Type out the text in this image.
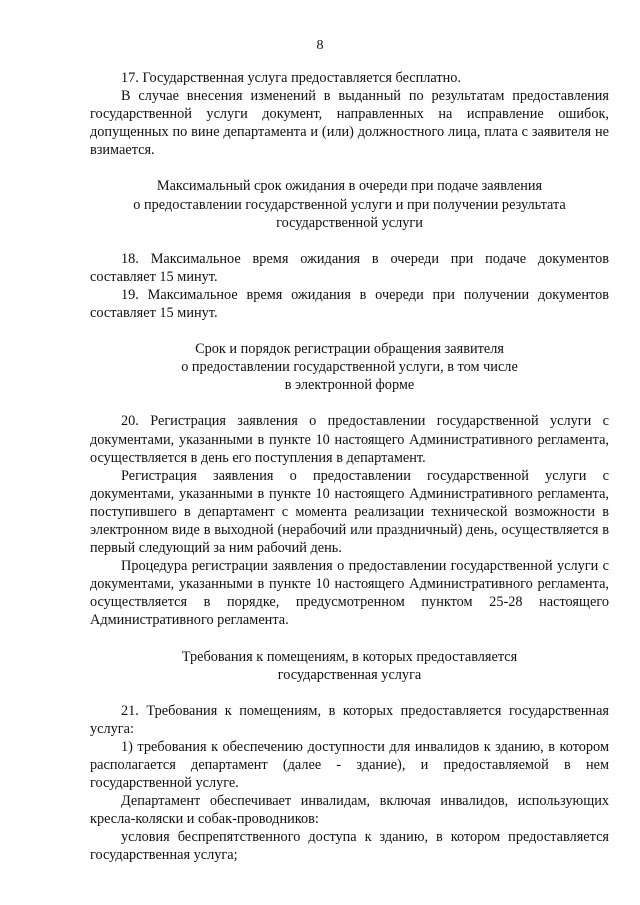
8

17. Государственная услуга предоставляется бесплатно.

В случае внесения изменений в выданный по результатам предоставления государственной услуги документ, направленных на исправление ошибок, допущенных по вине департамента и (или) должностного лица, плата с заявителя не взимается.

Максимальный срок ожидания в очереди при подаче заявления
о предоставлении государственной услуги и при получении результата
государственной услуги

18. Максимальное время ожидания в очереди при подаче документов составляет 15 минут.

19. Максимальное время ожидания в очереди при получении документов составляет 15 минут.

Срок и порядок регистрации обращения заявителя
о предоставлении государственной услуги, в том числе
в электронной форме

20. Регистрация заявления о предоставлении государственной услуги с документами, указанными в пункте 10 настоящего Административного регламента, осуществляется в день его поступления в департамент.

Регистрация заявления о предоставлении государственной услуги с документами, указанными в пункте 10 настоящего Административного регламента, поступившего в департамент с момента реализации технической возможности в электронном виде в выходной (нерабочий или праздничный) день, осуществляется в первый следующий за ним рабочий день.

Процедура регистрации заявления о предоставлении государственной услуги с документами, указанными в пункте 10 настоящего Административного регламента, осуществляется в порядке, предусмотренном пунктом 25-28 настоящего Административного регламента.

Требования к помещениям, в которых предоставляется
государственная услуга

21. Требования к помещениям, в которых предоставляется государственная услуга:

1) требования к обеспечению доступности для инвалидов к зданию, в котором располагается департамент (далее - здание), и предоставляемой в нем государственной услуге.

Департамент обеспечивает инвалидам, включая инвалидов, использующих кресла-коляски и собак-проводников:

условия беспрепятственного доступа к зданию, в котором предоставляется государственная услуга;
